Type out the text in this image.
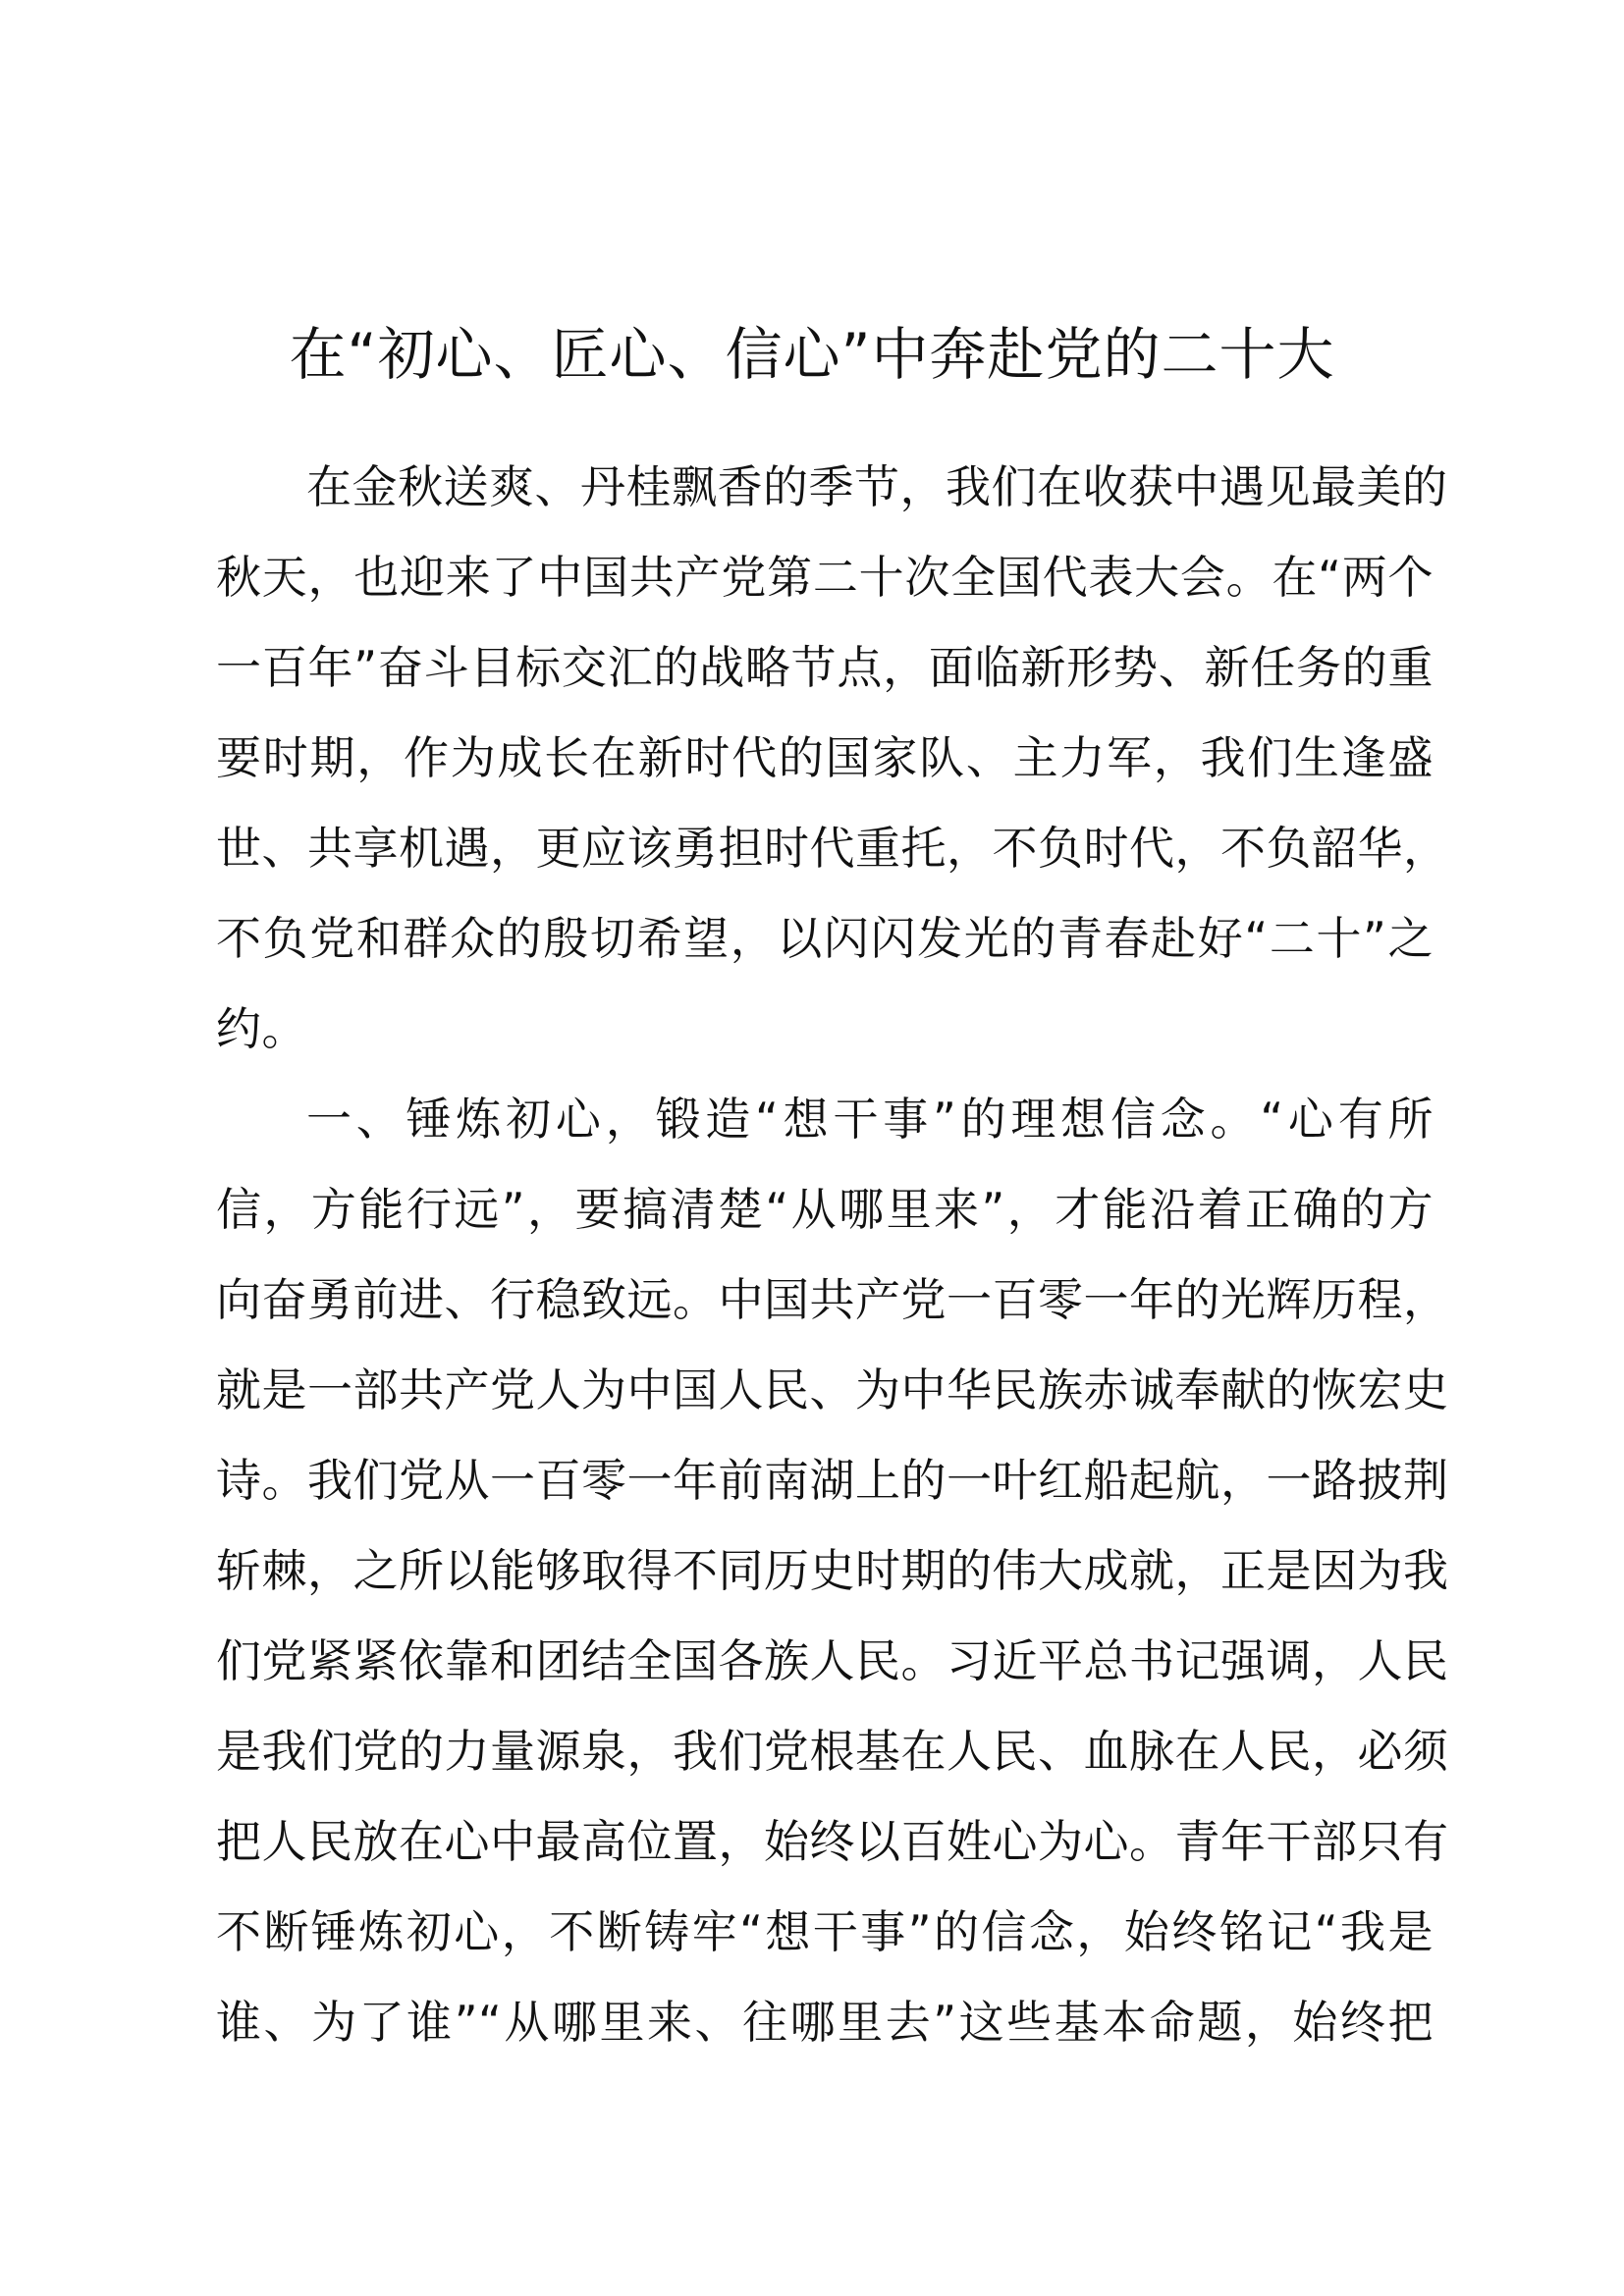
在“初心、匠心、信心”中奔赴党的二十大
在金秋送爽、丹桂飘香的季节，我们在收获中遇见最美的
秋天，也迎来了中国共产党第二十次全国代表大会。在“两个
一百年”奋斗目标交汇的战略节点，面临新形势、新任务的重
要时期，作为成长在新时代的国家队、主力军，我们生逢盛
世、共享机遇，更应该勇担时代重托，不负时代，不负韶华，
不负党和群众的殷切希望，以闪闪发光的青春赴好“二十”之
约。
一、锤炼初心，锻造“想干事”的理想信念。“心有所
信，方能行远”，要搞清楚“从哪里来”，才能沿着正确的方
向奋勇前进、行稳致远。中国共产党一百零一年的光辉历程，
就是一部共产党人为中国人民、为中华民族赤诚奉献的恢宏史
诗。我们党从一百零一年前南湖上的一叶红船起航，一路披荆
斩棘，之所以能够取得不同历史时期的伟大成就，正是因为我
们党紧紧依靠和团结全国各族人民。习近平总书记强调，人民
是我们党的力量源泉，我们党根基在人民、血脉在人民，必须
把人民放在心中最高位置，始终以百姓心为心。青年干部只有
不断锤炼初心，不断铸牢“想干事”的信念，始终铭记“我是
谁、为了谁”“从哪里来、往哪里去”这些基本命题，始终把
